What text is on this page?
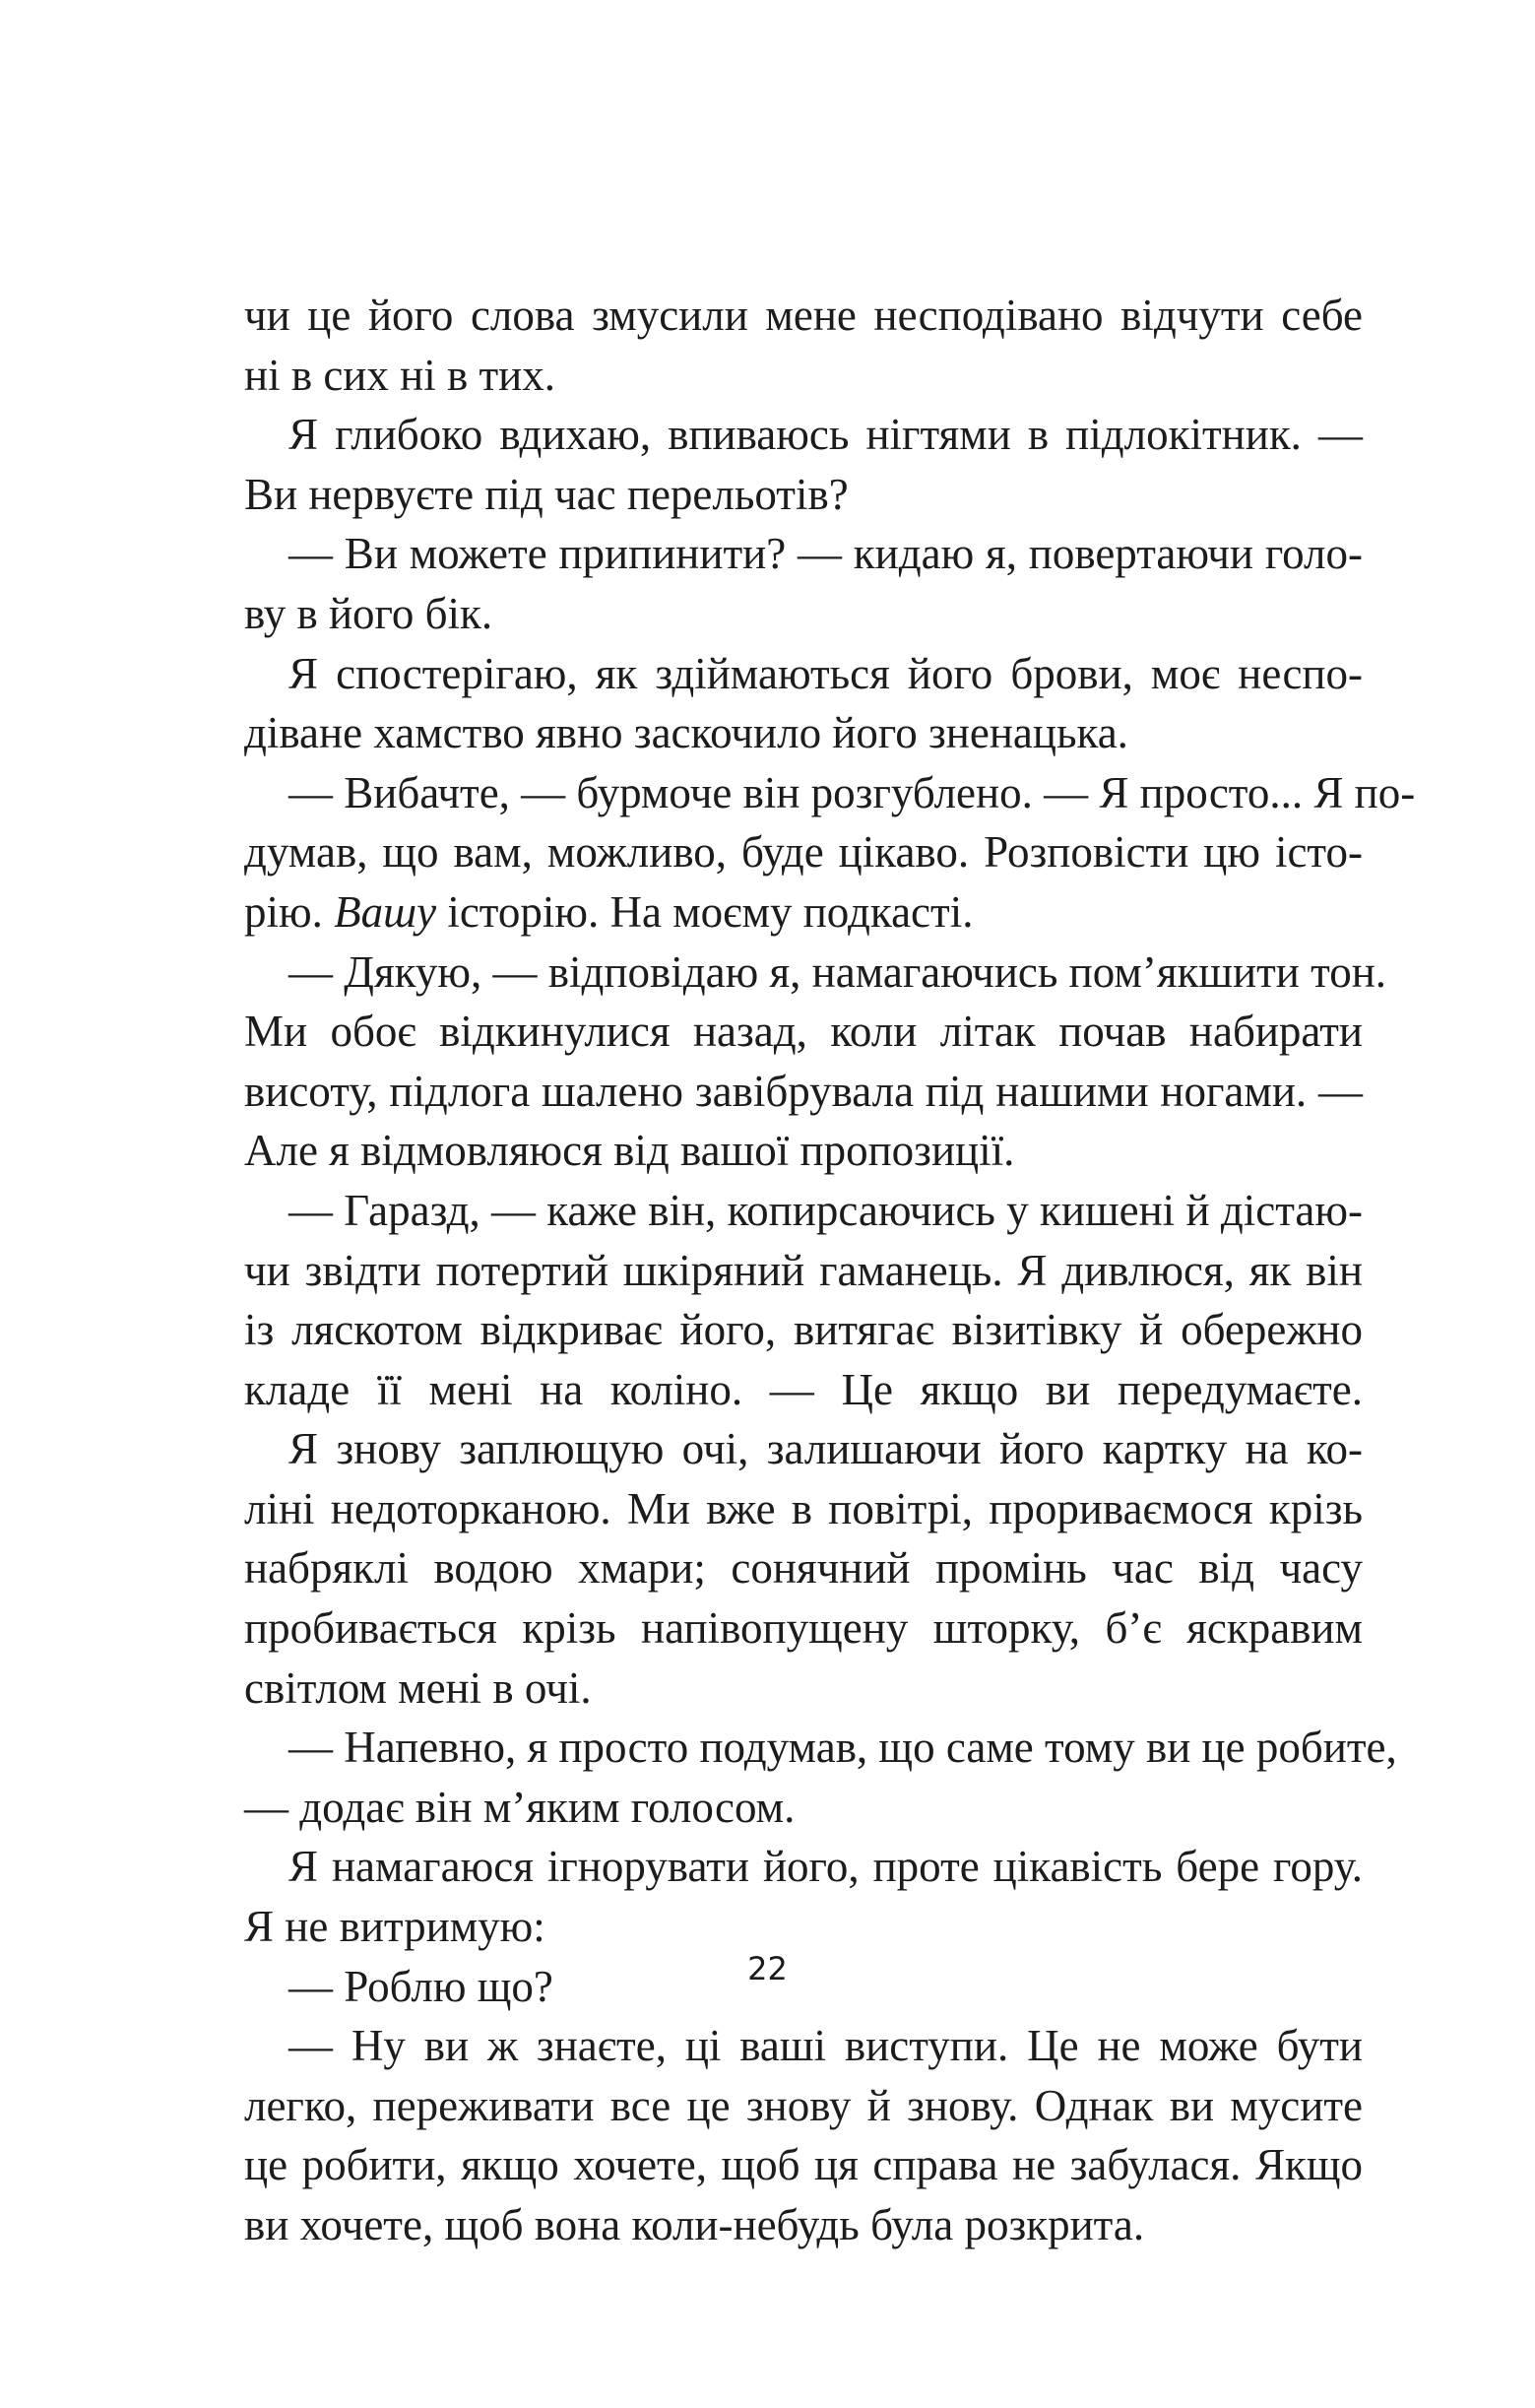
чи це його слова змусили мене несподівано відчути себе
ні в сих ні в тих.
Я глибоко вдихаю, впиваюсь нігтями в підлокітник. —
Ви нервуєте під час перельотів?
— Ви можете припинити? — кидаю я, повертаючи голо-
ву в його бік.
Я спостерігаю, як здіймаються його брови, моє неспо-
діване хамство явно заскочило його зненацька.
— Вибачте, — бурмоче він розгублено. — Я просто... Я по-
думав, що вам, можливо, буде цікаво. Розповісти цю істо-
рію. Вашу історію. На моєму подкасті.
— Дякую, — відповідаю я, намагаючись пом’якшити тон.
Ми обоє відкинулися назад, коли літак почав набирати
висоту, підлога шалено завібрувала під нашими ногами. —
Але я відмовляюся від вашої пропозиції.
— Гаразд, — каже він, копирсаючись у кишені й дістаю-
чи звідти потертий шкіряний гаманець. Я дивлюся, як він
із ляскотом відкриває його, витягає візитівку й обережно
кладе її мені на коліно. — Це якщо ви передумаєте.
Я знову заплющую очі, залишаючи його картку на ко-
ліні недоторканою. Ми вже в повітрі, прориваємося крізь
набряклі водою хмари; сонячний промінь час від часу
пробивається крізь напівопущену шторку, б’є яскравим
світлом мені в очі.
— Напевно, я просто подумав, що саме тому ви це робите,
— додає він м’яким голосом.
Я намагаюся ігнорувати його, проте цікавість бере гору.
Я не витримую:
— Роблю що?
— Ну ви ж знаєте, ці ваші виступи. Це не може бути
легко, переживати все це знову й знову. Однак ви мусите
це робити, якщо хочете, щоб ця справа не забулася. Якщо
ви хочете, щоб вона коли-небудь була розкрита.
22
